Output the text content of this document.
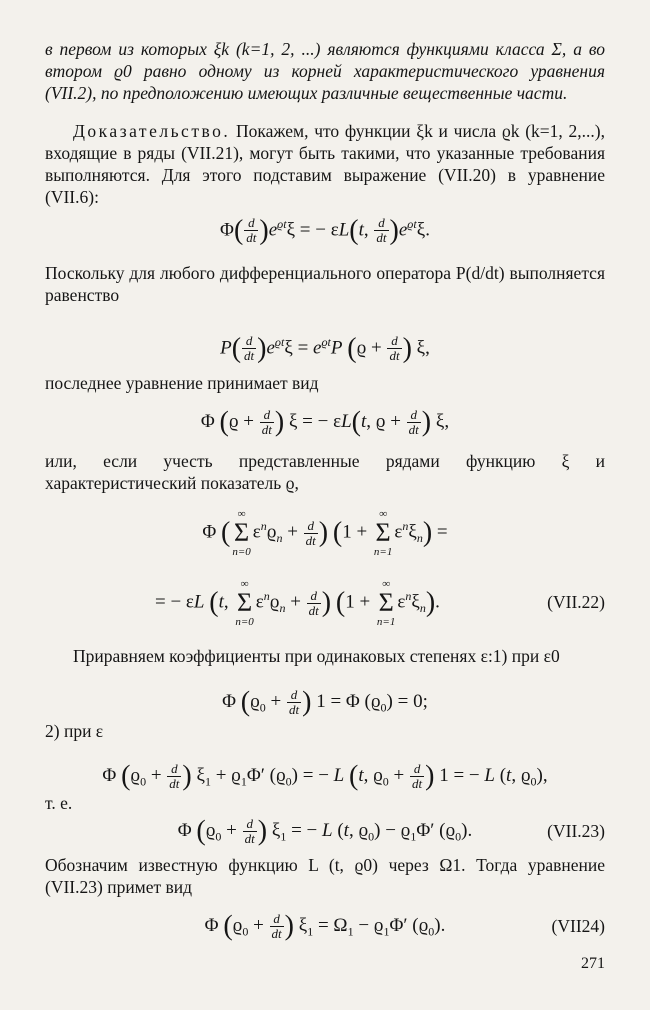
в первом из которых ξk (k=1, 2, ...) являются функциями класса Σ, а во втором ϱ0 равно одному из корней характеристического уравнения (VII.2), по предположению имеющих различные вещественные части.
Доказательство. Покажем, что функции ξk и числа ϱk (k=1, 2,...), входящие в ряды (VII.21), могут быть такими, что указанные требования выполняются. Для этого подставим выражение (VII.20) в уравнение (VII.6):
$\Phi( \frac{d}{dt} )e^{ϱt}\xi$ = − εL(t, $\frac{d}{dt} )e^{ϱt}\xi$.
Поскольку для любого дифференциального оператора P(d/dt) выполняется равенство
$P( \frac{d}{dt} )e^{ϱt}\xi = e^{ϱt}P$ ($ϱ + \frac{d}{dt}$ ) ξ,
последнее уравнение принимает вид
Φ ($ϱ + \frac{d}{dt}$ ) ξ = − εL(t, $ϱ + \frac{d}{dt}$ ) ξ,
или, если учесть представленные рядами функцию ξ и характеристический показатель ϱ,
Φ (
∞
Σ
n=0
$\varepsilon^nϱ_n + \frac{d}{dt}$ ) (1 +
∞
Σ
n=1
$\varepsilon^n\xi_n$) =
= − εL (t,
∞
Σ
n=0
$\varepsilon^nϱ_n + \frac{d}{dt}$ ) (1 +
∞
Σ
n=1
$\varepsilon^n\xi_n$).	(VII.22)
Приравняем коэффициенты при одинаковых степенях ε:1) при ε0
Φ ($ϱ_0 + \frac{d}{dt}$ ) 1 = Φ $(ϱ_0) = 0$;
2) при ε
Φ ($ϱ_0 + \frac{d}{dt}$ ) $\xi_1 + ϱ_1\Phi'$ $(ϱ_0)$ = − L (t, $ϱ_0 + \frac{d}{dt}$ ) 1 = − L (t, $ϱ_0$),
т. е.
Φ ($ϱ_0 + \frac{d}{dt}$ ) $\xi_1$ = − L (t, $ϱ_0) - ϱ_1\Phi'$ $(ϱ_0)$.	(VII.23)
Обозначим известную функцию L (t, ϱ0) через Ω1. Тогда уравнение (VII.23) примет вид
Φ ($ϱ_0 + \frac{d}{dt}$ ) $\xi_1 = \Omega_1 - ϱ_1\Phi'$ $(ϱ_0)$.	(VII24)
271
